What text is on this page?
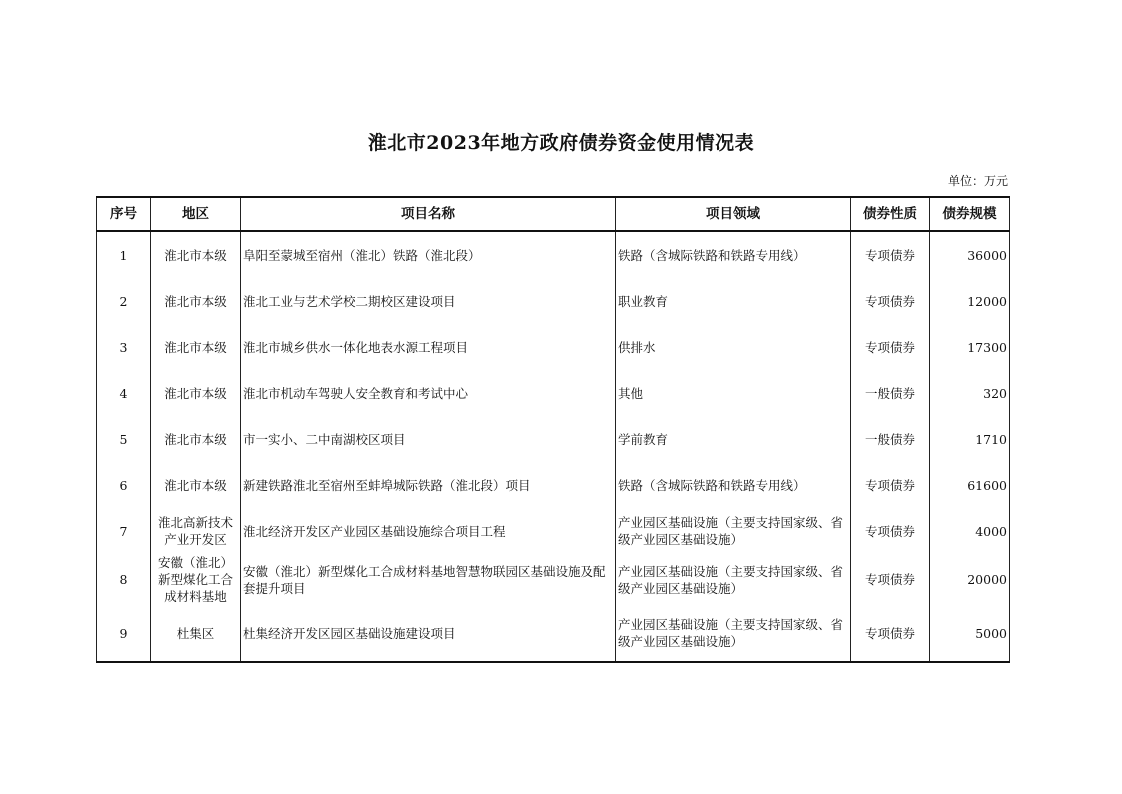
淮北市2023年地方政府债券资金使用情况表
单位：万元
序号	地区	项目名称	项目领域	债券性质	债券规模
1	淮北市本级	阜阳至蒙城至宿州（淮北）铁路（淮北段）	铁路（含城际铁路和铁路专用线）	专项债券	36000
2	淮北市本级	淮北工业与艺术学校二期校区建设项目	职业教育	专项债券	12000
3	淮北市本级	淮北市城乡供水一体化地表水源工程项目	供排水	专项债券	17300
4	淮北市本级	淮北市机动车驾驶人安全教育和考试中心	其他	一般债券	320
5	淮北市本级	市一实小、二中南湖校区项目	学前教育	一般债券	1710
6	淮北市本级	新建铁路淮北至宿州至蚌埠城际铁路（淮北段）项目	铁路（含城际铁路和铁路专用线）	专项债券	61600
7	淮北高新技术产业开发区	淮北经济开发区产业园区基础设施综合项目工程	产业园区基础设施（主要支持国家级、省级产业园区基础设施）	专项债券	4000
8	安徽（淮北）新型煤化工合成材料基地	安徽（淮北）新型煤化工合成材料基地智慧物联园区基础设施及配套提升项目	产业园区基础设施（主要支持国家级、省级产业园区基础设施）	专项债券	20000
9	杜集区	杜集经济开发区园区基础设施建设项目	产业园区基础设施（主要支持国家级、省级产业园区基础设施）	专项债券	5000
